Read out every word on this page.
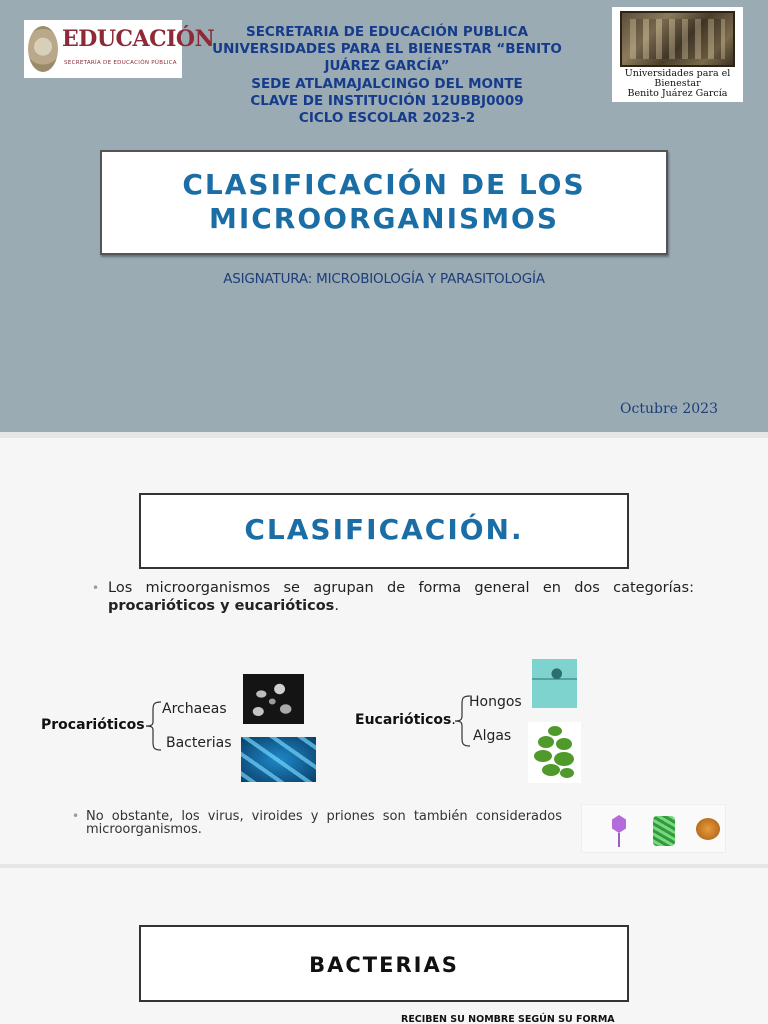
EDUCACIÓN
SECRETARÍA DE EDUCACIÓN PÚBLICA
SECRETARIA DE EDUCACIÓN PUBLICA
UNIVERSIDADES PARA EL BIENESTAR “BENITO
JUÁREZ GARCÍA”
SEDE ATLAMAJALCINGO DEL MONTE
CLAVE DE INSTITUCIÓN 12UBBJ0009
CICLO ESCOLAR 2023-2
Universidades para el
Bienestar
Benito Juárez García
CLASIFICACIÓN DE LOS
MICROORGANISMOS
ASIGNATURA: MICROBIOLOGÍA Y PARASITOLOGÍA
Octubre 2023
CLASIFICACIÓN.
• Los microorganismos se agrupan de forma general en dos categorías: procarióticos y eucarióticos.
Procarióticos
Archaeas
Bacterias
Eucarióticos.
Hongos
Algas
• No obstante, los virus, viroides y priones son también considerados microorganismos.
BACTERIAS
RECIBEN SU NOMBRE SEGÚN SU FORMA
